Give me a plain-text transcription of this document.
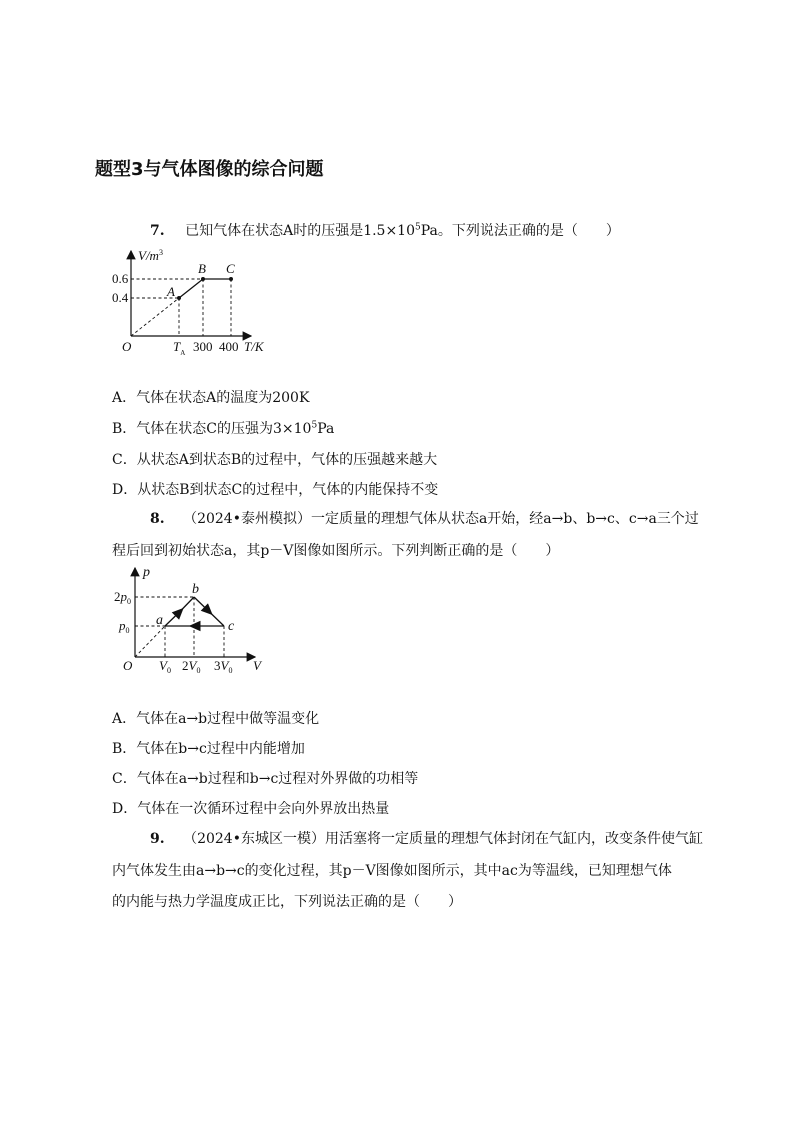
题型3与气体图像的综合问题
7. 已知气体在状态A时的压强是$1.5\times 10^5Pa$。下列说法正确的是（　　）
$V/m^3$
0.6
0.4	A
B C
O	$T_A$ 300 400 T/K
A．气体在状态A的温度为200K
B．气体在状态C的压强为$3\times 10^5Pa$
C．从状态A到状态B的过程中，气体的压强越来越大
D．从状态B到状态C的过程中，气体的内能保持不变
8. （2024•泰州模拟）一定质量的理想气体从状态a开始，经a→b、b→c、c→a三个过
程后回到初始状态a，其p－V图像如图所示。下列判断正确的是（　　）
p
$2p_0$
$p_0$
b
a	c
O $V_0$ $2V_0$ $3V_0$ V
A．气体在a→b过程中做等温变化
B．气体在b→c过程中内能增加
C．气体在a→b过程和b→c过程对外界做的功相等
D．气体在一次循环过程中会向外界放出热量
9. （2024•东城区一模）用活塞将一定质量的理想气体封闭在气缸内，改变条件使气缸
内气体发生由a→b→c的变化过程，其p－V图像如图所示，其中ac为等温线，已知理想气体
的内能与热力学温度成正比，下列说法正确的是（　　）
